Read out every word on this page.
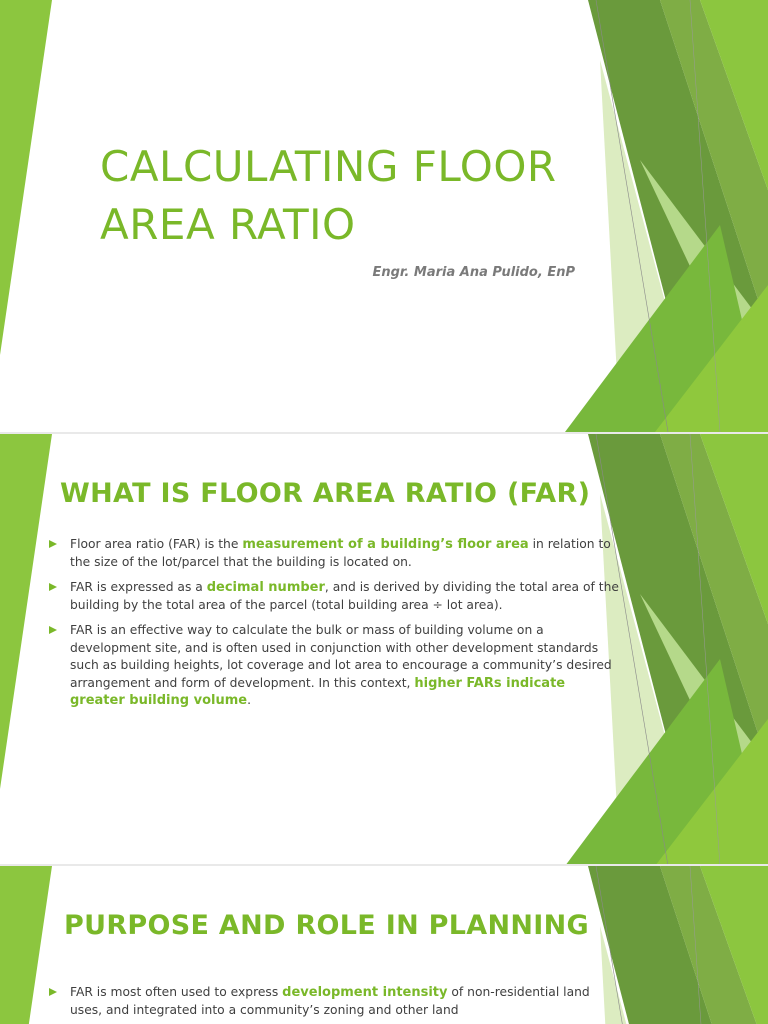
CALCULATING FLOOR
AREA RATIO
Engr. Maria Ana Pulido, EnP
WHAT IS FLOOR AREA RATIO (FAR)
Floor area ratio (FAR) is the measurement of a building’s floor area in relation to the size of the lot/parcel that the building is located on.
FAR is expressed as a decimal number, and is derived by dividing the total area of the building by the total area of the parcel (total building area ÷ lot area).
FAR is an effective way to calculate the bulk or mass of building volume on a development site, and is often used in conjunction with other development standards such as building heights, lot coverage and lot area to encourage a community’s desired arrangement and form of development. In this context, higher FARs indicate greater building volume.
PURPOSE AND ROLE IN PLANNING
FAR is most often used to express development intensity of non-residential land uses, and integrated into a community’s zoning and other land
